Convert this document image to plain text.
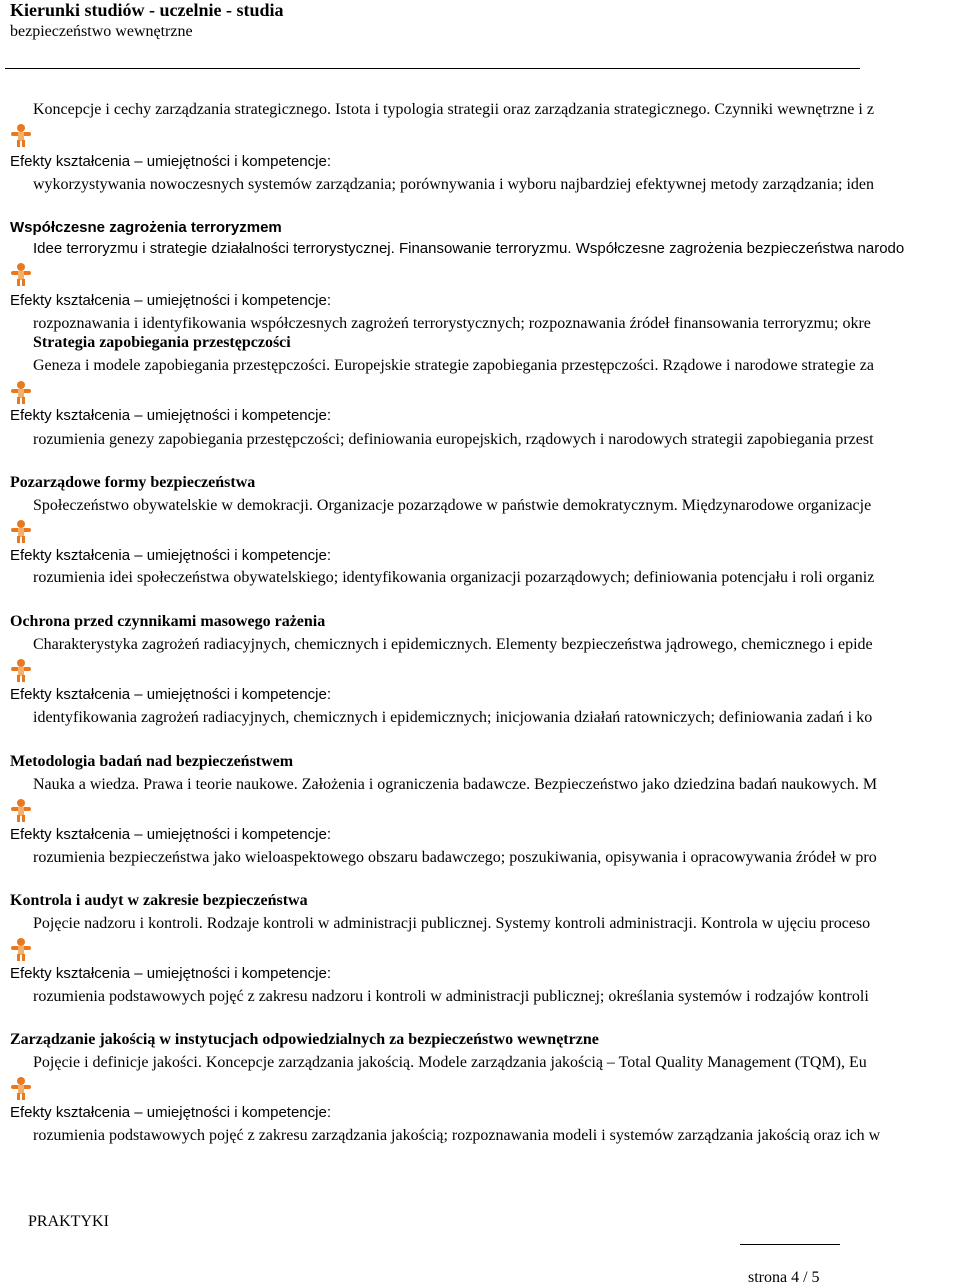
Kierunki studiów - uczelnie - studia
bezpieczeństwo wewnętrzne
Koncepcje i cechy zarządzania strategicznego. Istota i typologia strategii oraz zarządzania strategicznego. Czynniki wewnętrzne i z
Efekty kształcenia – umiejętności i kompetencje:
wykorzystywania nowoczesnych systemów zarządzania; porównywania i wyboru najbardziej efektywnej metody zarządzania; iden
Współczesne zagrożenia terroryzmem
Idee terroryzmu i strategie działalności terrorystycznej. Finansowanie terroryzmu. Współczesne zagrożenia bezpieczeństwa narodo
Efekty kształcenia – umiejętności i kompetencje:
rozpoznawania i identyfikowania współczesnych zagrożeń terrorystycznych; rozpoznawania źródeł finansowania terroryzmu; okre
Strategia zapobiegania przestępczości
Geneza i modele zapobiegania przestępczości. Europejskie strategie zapobiegania przestępczości. Rządowe i narodowe strategie za
Efekty kształcenia – umiejętności i kompetencje:
rozumienia genezy zapobiegania przestępczości; definiowania europejskich, rządowych i narodowych strategii zapobiegania przest
Pozarządowe formy bezpieczeństwa
Społeczeństwo obywatelskie w demokracji. Organizacje pozarządowe w państwie demokratycznym. Międzynarodowe organizacje
Efekty kształcenia – umiejętności i kompetencje:
rozumienia idei społeczeństwa obywatelskiego; identyfikowania organizacji pozarządowych; definiowania potencjału i roli organiz
Ochrona przed czynnikami masowego rażenia
Charakterystyka zagrożeń radiacyjnych, chemicznych i epidemicznych. Elementy bezpieczeństwa jądrowego, chemicznego i epide
Efekty kształcenia – umiejętności i kompetencje:
identyfikowania zagrożeń radiacyjnych, chemicznych i epidemicznych; inicjowania działań ratowniczych; definiowania zadań i ko
Metodologia badań nad bezpieczeństwem
Nauka a wiedza. Prawa i teorie naukowe. Założenia i ograniczenia badawcze. Bezpieczeństwo jako dziedzina badań naukowych. M
Efekty kształcenia – umiejętności i kompetencje:
rozumienia bezpieczeństwa jako wieloaspektowego obszaru badawczego; poszukiwania, opisywania i opracowywania źródeł w pro
Kontrola i audyt w zakresie bezpieczeństwa
Pojęcie nadzoru i kontroli. Rodzaje kontroli w administracji publicznej. Systemy kontroli administracji. Kontrola w ujęciu proceso
Efekty kształcenia – umiejętności i kompetencje:
rozumienia podstawowych pojęć z zakresu nadzoru i kontroli w administracji publicznej; określania systemów i rodzajów kontroli
Zarządzanie jakością w instytucjach odpowiedzialnych za bezpieczeństwo wewnętrzne
Pojęcie i definicje jakości. Koncepcje zarządzania jakością. Modele zarządzania jakością – Total Quality Management (TQM), Eu
Efekty kształcenia – umiejętności i kompetencje:
rozumienia podstawowych pojęć z zakresu zarządzania jakością; rozpoznawania modeli i systemów zarządzania jakością oraz ich w
PRAKTYKI
strona 4 / 5
